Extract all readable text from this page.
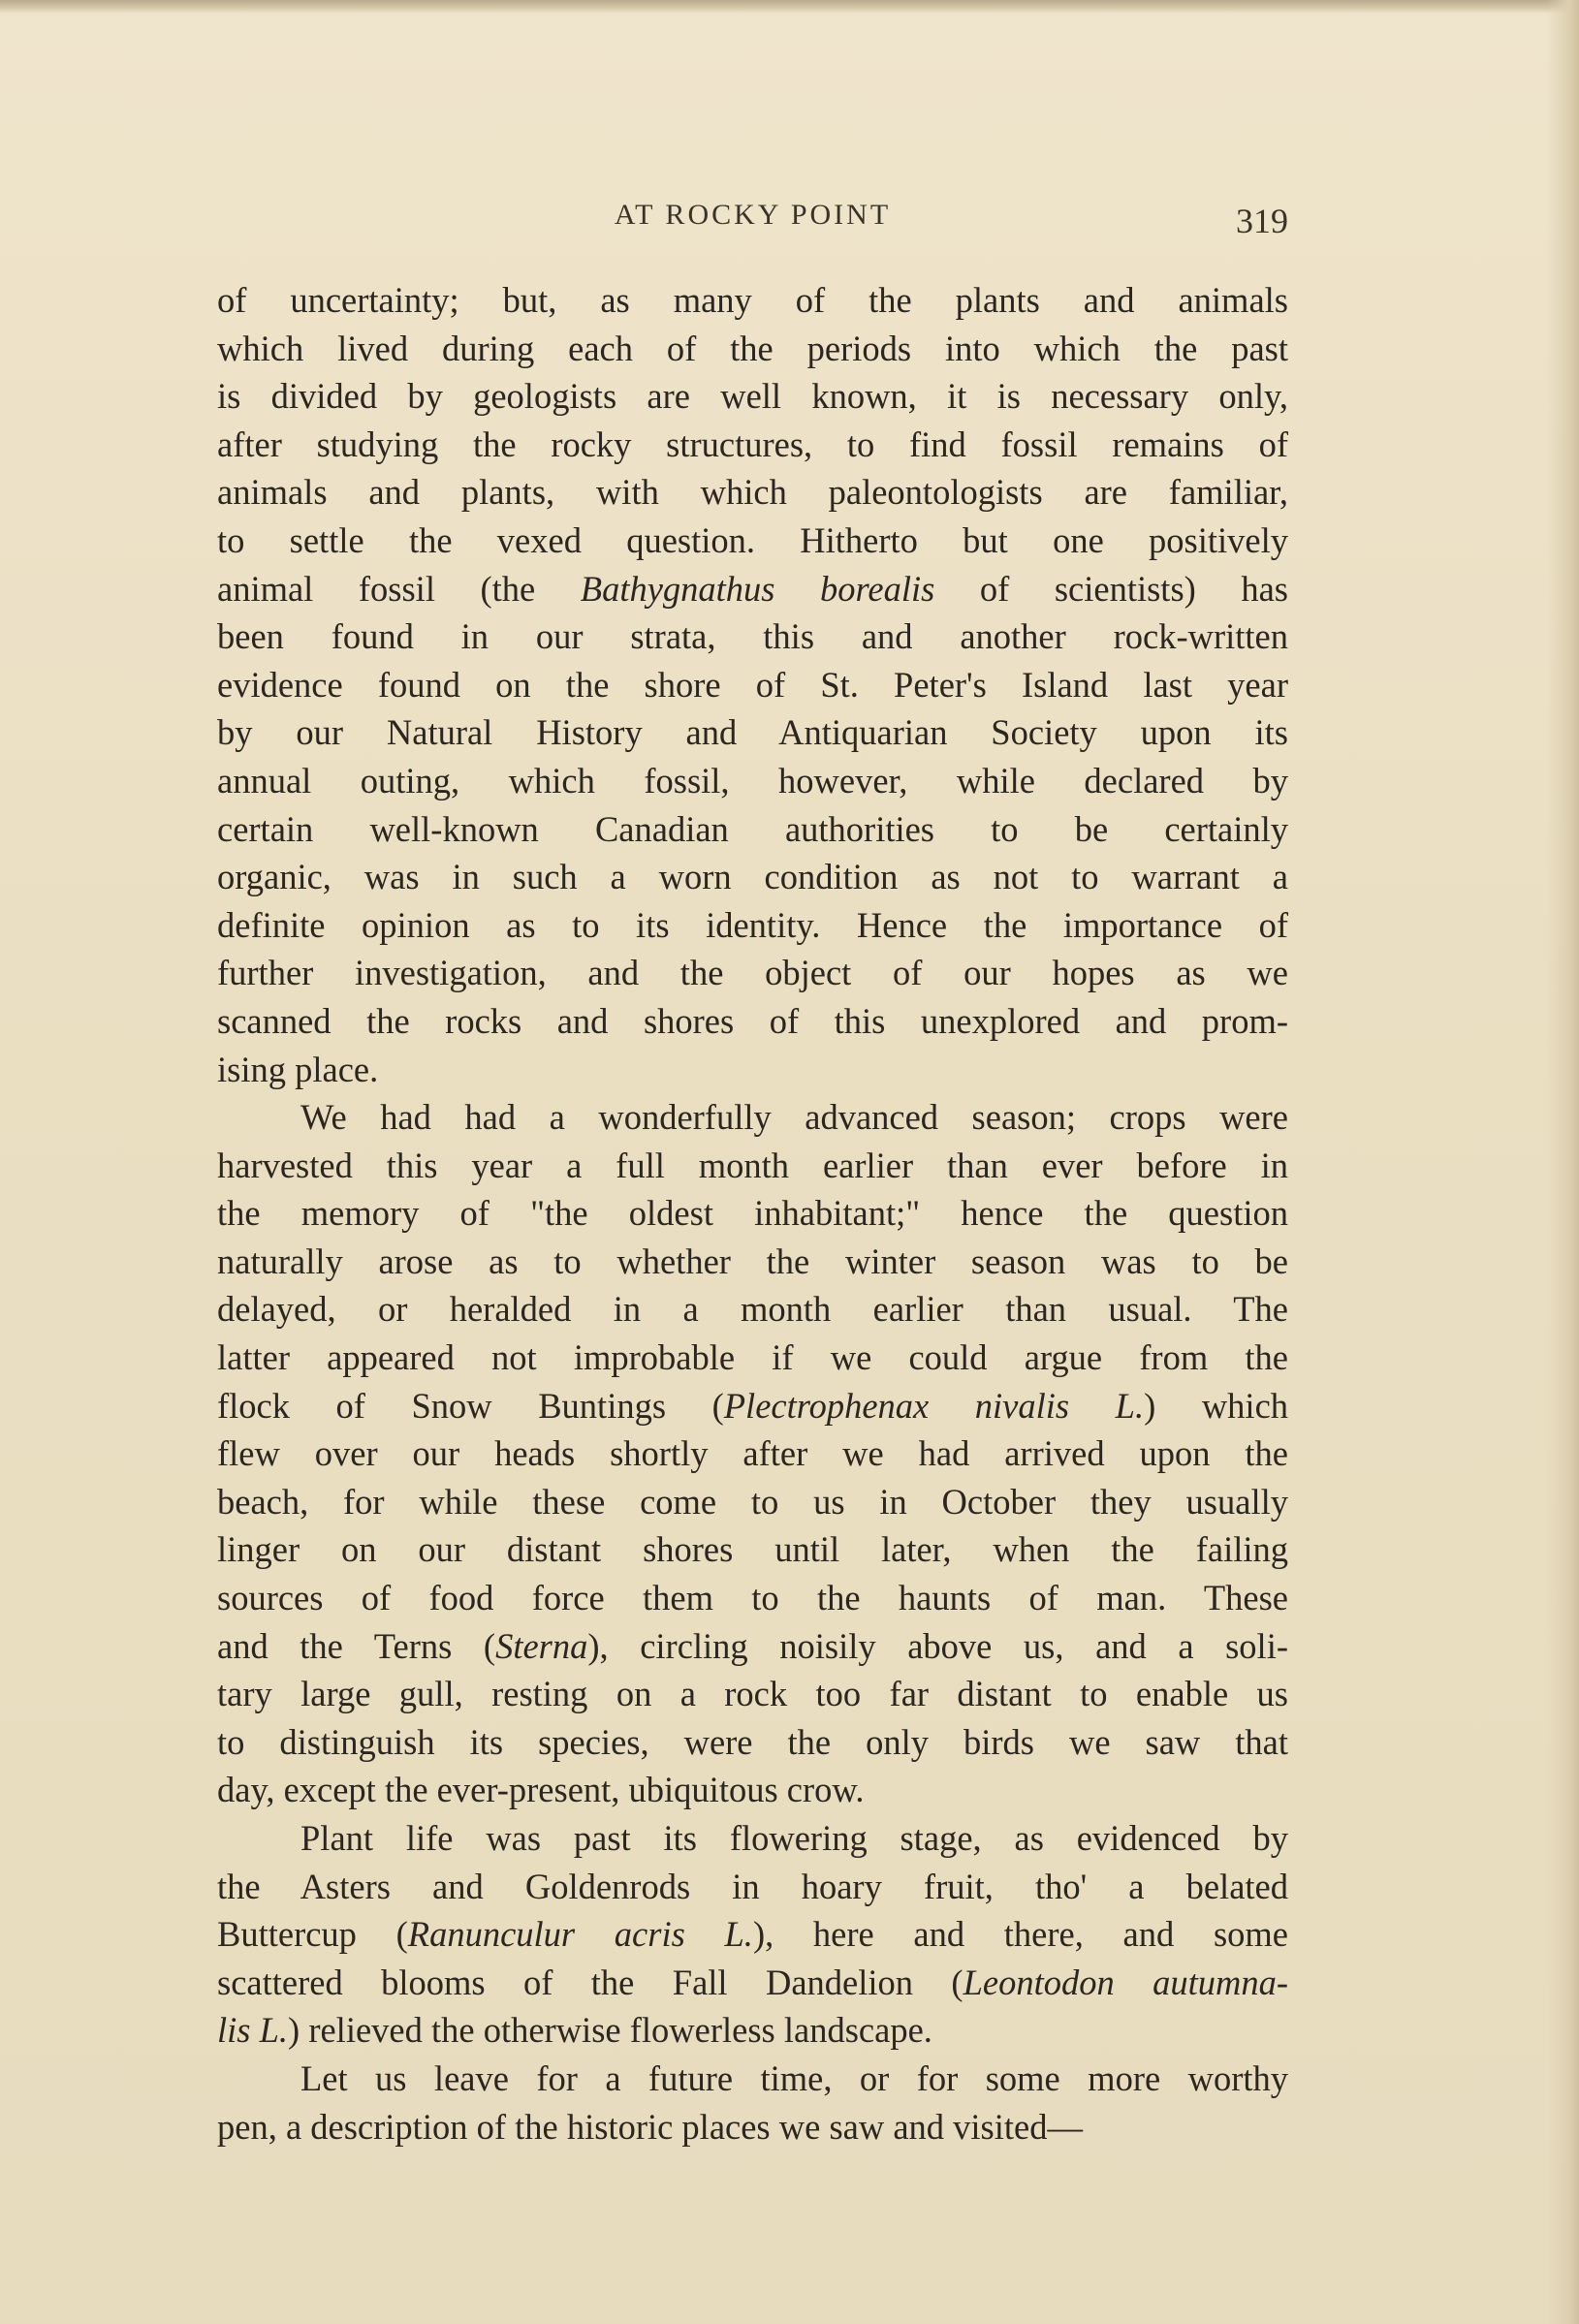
AT ROCKY POINT	319
of uncertainty; but, as many of the plants and animals
which lived during each of the periods into which the past
is divided by geologists are well known, it is necessary only,
after studying the rocky structures, to find fossil remains of
animals and plants, with which paleontologists are familiar,
to settle the vexed question. Hitherto but one positively
animal fossil (the Bathygnathus borealis of scientists) has
been found in our strata, this and another rock-written
evidence found on the shore of St. Peter's Island last year
by our Natural History and Antiquarian Society upon its
annual outing, which fossil, however, while declared by
certain well-known Canadian authorities to be certainly
organic, was in such a worn condition as not to warrant a
definite opinion as to its identity. Hence the importance of
further investigation, and the object of our hopes as we
scanned the rocks and shores of this unexplored and prom-
ising place.
We had had a wonderfully advanced season; crops were
harvested this year a full month earlier than ever before in
the memory of "the oldest inhabitant;" hence the question
naturally arose as to whether the winter season was to be
delayed, or heralded in a month earlier than usual. The
latter appeared not improbable if we could argue from the
flock of Snow Buntings (Plectrophenax nivalis L.) which
flew over our heads shortly after we had arrived upon the
beach, for while these come to us in October they usually
linger on our distant shores until later, when the failing
sources of food force them to the haunts of man. These
and the Terns (Sterna), circling noisily above us, and a soli-
tary large gull, resting on a rock too far distant to enable us
to distinguish its species, were the only birds we saw that
day, except the ever-present, ubiquitous crow.
Plant life was past its flowering stage, as evidenced by
the Asters and Goldenrods in hoary fruit, tho' a belated
Buttercup (Ranunculur acris L.), here and there, and some
scattered blooms of the Fall Dandelion (Leontodon autumna-
lis L.) relieved the otherwise flowerless landscape.
Let us leave for a future time, or for some more worthy
pen, a description of the historic places we saw and visited—
